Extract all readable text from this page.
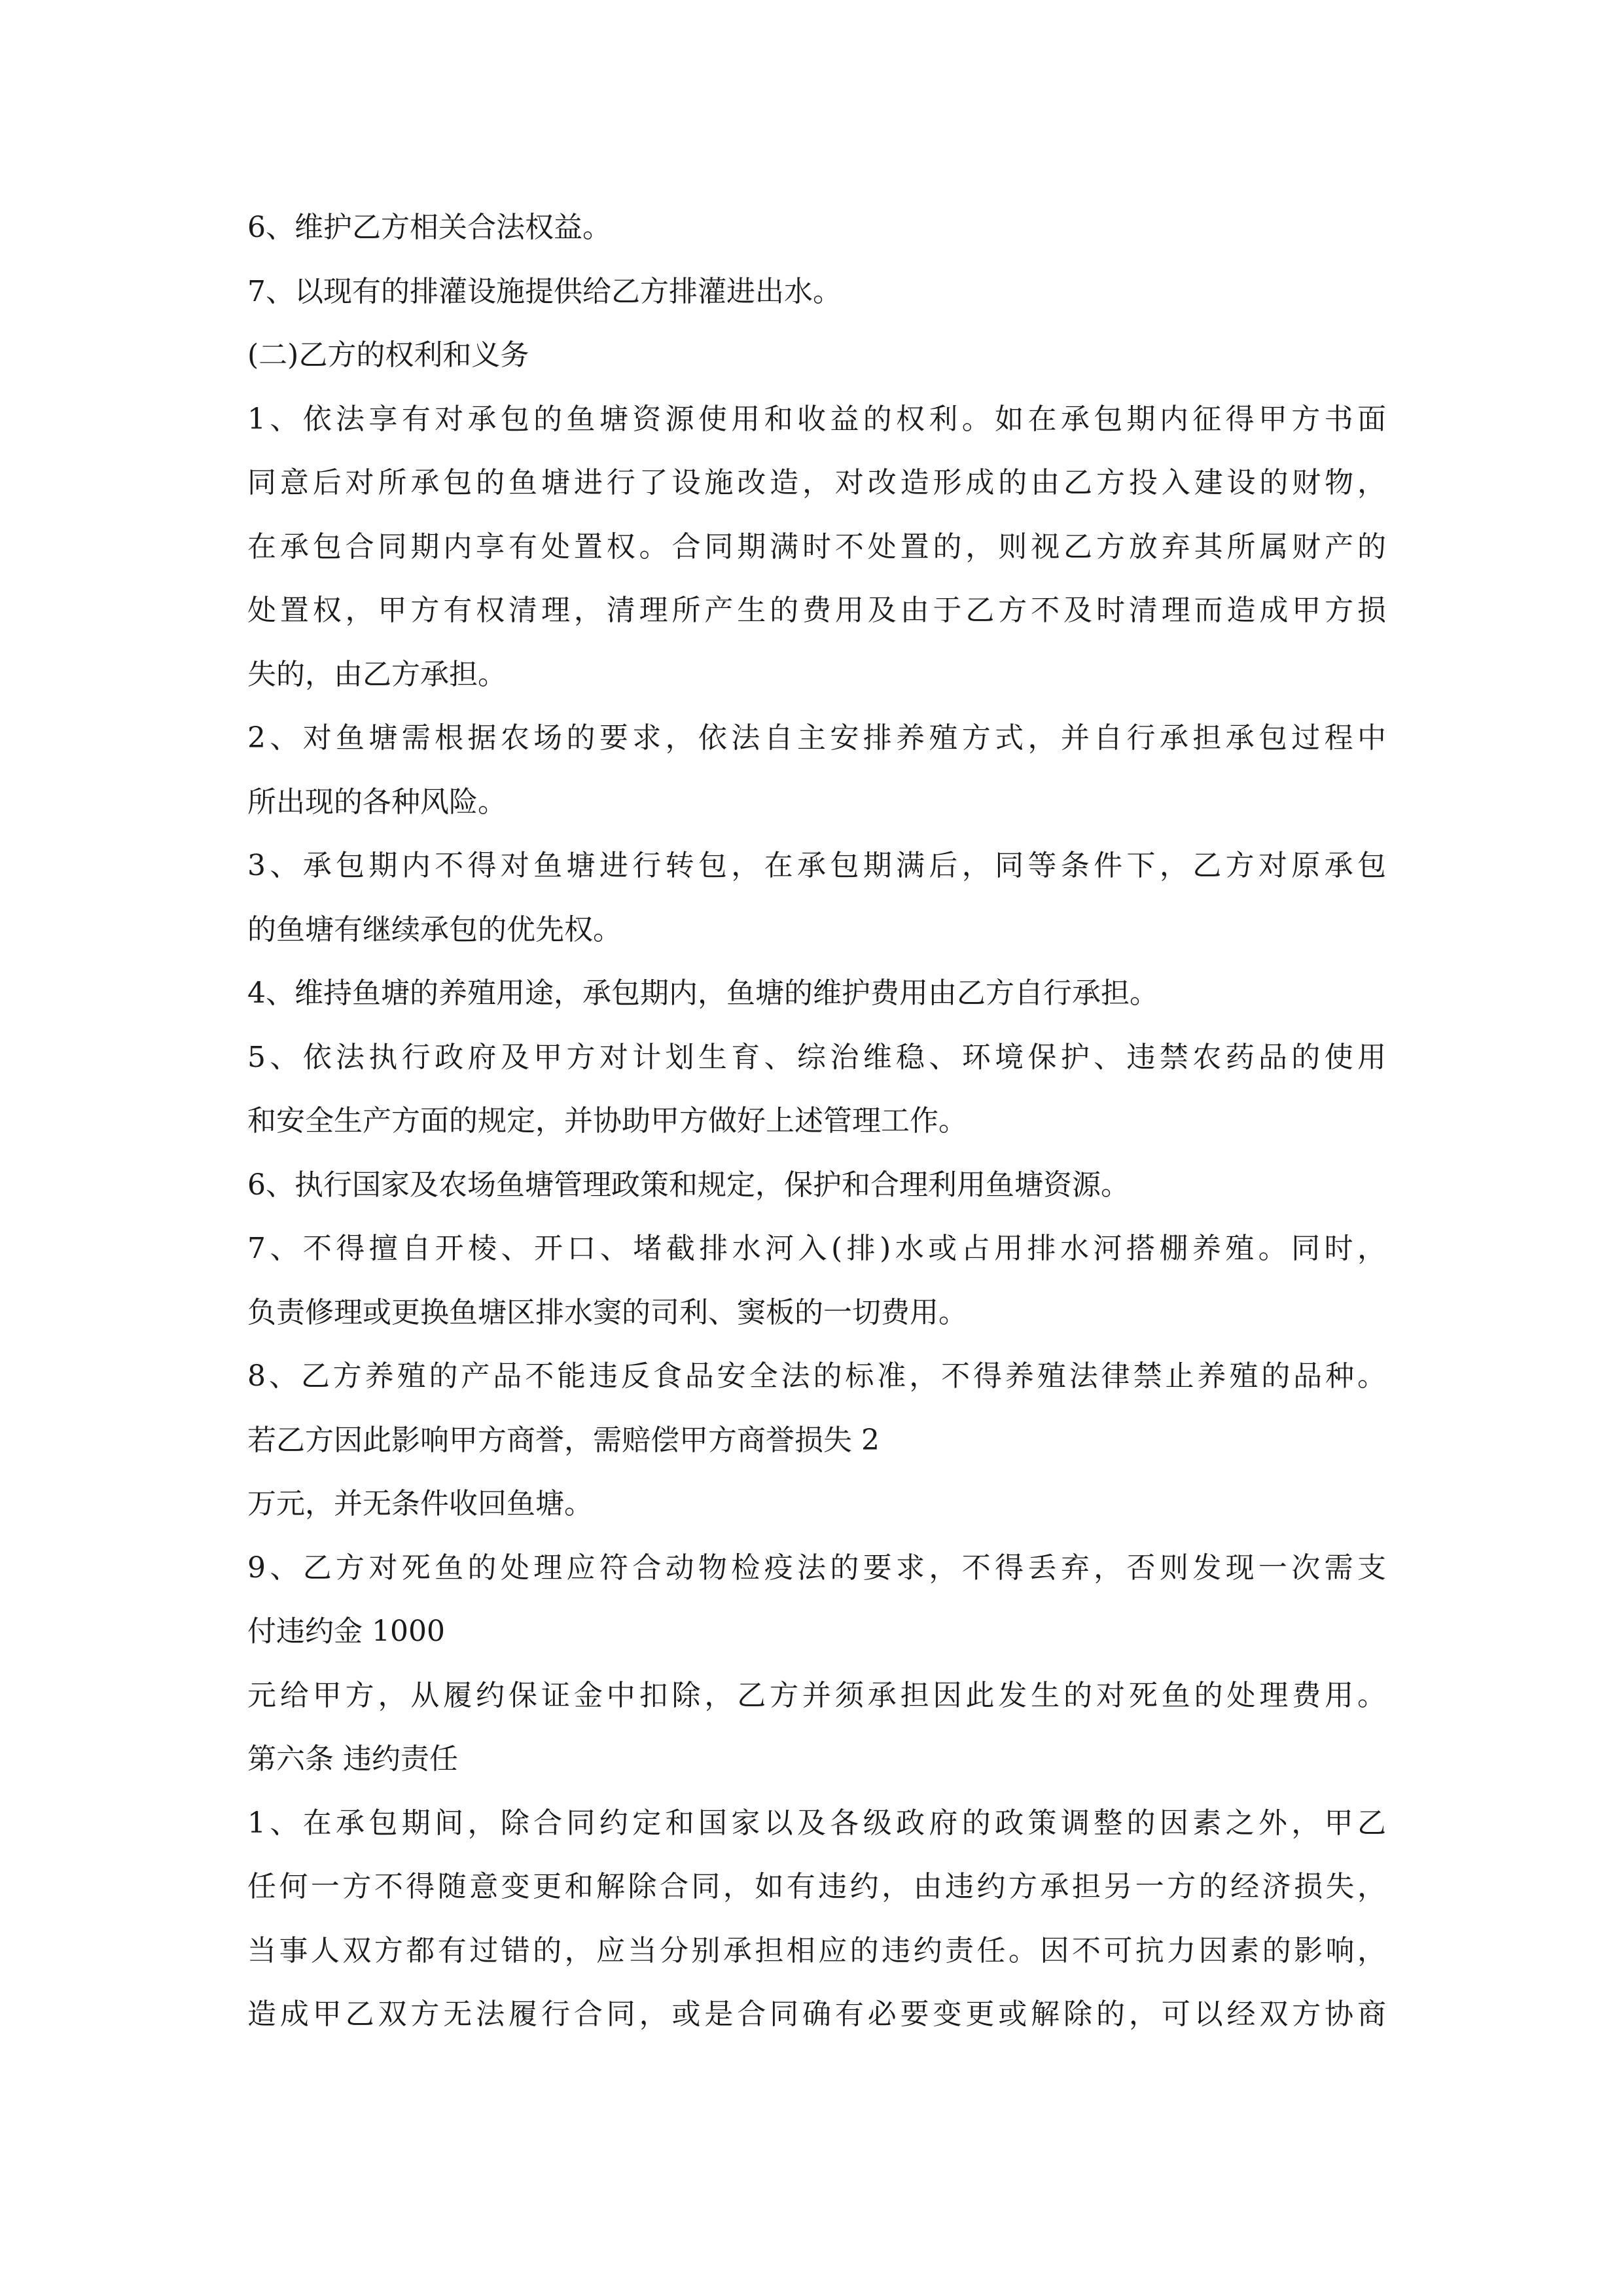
6、维护乙方相关合法权益。
7、以现有的排灌设施提供给乙方排灌进出水。
(二)乙方的权利和义务
1、依法享有对承包的鱼塘资源使用和收益的权利。如在承包期内征得甲方书面
同意后对所承包的鱼塘进行了设施改造，对改造形成的由乙方投入建设的财物，
在承包合同期内享有处置权。合同期满时不处置的，则视乙方放弃其所属财产的
处置权，甲方有权清理，清理所产生的费用及由于乙方不及时清理而造成甲方损
失的，由乙方承担。
2、对鱼塘需根据农场的要求，依法自主安排养殖方式，并自行承担承包过程中
所出现的各种风险。
3、承包期内不得对鱼塘进行转包，在承包期满后，同等条件下，乙方对原承包
的鱼塘有继续承包的优先权。
4、维持鱼塘的养殖用途，承包期内，鱼塘的维护费用由乙方自行承担。
5、依法执行政府及甲方对计划生育、综治维稳、环境保护、违禁农药品的使用
和安全生产方面的规定，并协助甲方做好上述管理工作。
6、执行国家及农场鱼塘管理政策和规定，保护和合理利用鱼塘资源。
7、不得擅自开棱、开口、堵截排水河入(排)水或占用排水河搭棚养殖。同时，
负责修理或更换鱼塘区排水窦的司利、窦板的一切费用。
8、乙方养殖的产品不能违反食品安全法的标准，不得养殖法律禁止养殖的品种。
若乙方因此影响甲方商誉，需赔偿甲方商誉损失 2
万元，并无条件收回鱼塘。
9、乙方对死鱼的处理应符合动物检疫法的要求，不得丢弃，否则发现一次需支
付违约金 1000
元给甲方，从履约保证金中扣除，乙方并须承担因此发生的对死鱼的处理费用。
第六条 违约责任
1、在承包期间，除合同约定和国家以及各级政府的政策调整的因素之外，甲乙
任何一方不得随意变更和解除合同，如有违约，由违约方承担另一方的经济损失，
当事人双方都有过错的，应当分别承担相应的违约责任。因不可抗力因素的影响，
造成甲乙双方无法履行合同，或是合同确有必要变更或解除的，可以经双方协商
